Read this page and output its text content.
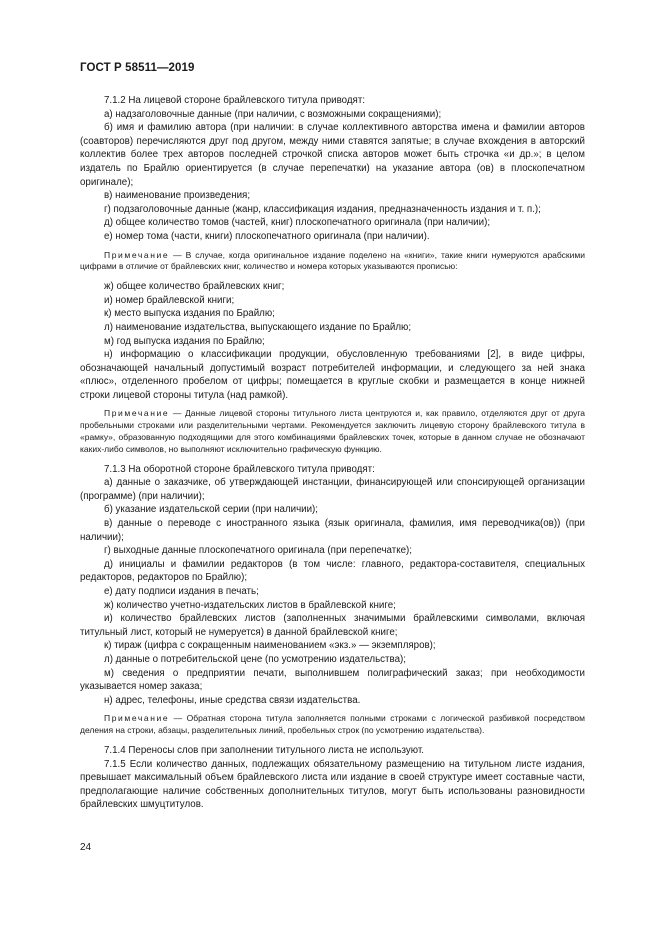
ГОСТ Р 58511—2019

7.1.2 На лицевой стороне брайлевского титула приводят:

а) надзаголовочные данные (при наличии, с возможными сокращениями);

б) имя и фамилию автора (при наличии: в случае коллективного авторства имена и фамилии авторов (соавторов) перечисляются друг под другом, между ними ставятся запятые; в случае вхождения в авторский коллектив более трех авторов последней строчкой списка авторов может быть строчка «и др.»; в целом издатель по Брайлю ориентируется (в случае перепечатки) на указание автора (ов) в плоскопечатном оригинале);

в) наименование произведения;

г) подзаголовочные данные (жанр, классификация издания, предназначенность издания и т. п.);

д) общее количество томов (частей, книг) плоскопечатного оригинала (при наличии);

е) номер тома (части, книги) плоскопечатного оригинала (при наличии).

Примечание — В случае, когда оригинальное издание поделено на «книги», такие книги нумеруются арабскими цифрами в отличие от брайлевских книг, количество и номера которых указываются прописью:

ж) общее количество брайлевских книг;

и) номер брайлевской книги;

к) место выпуска издания по Брайлю;

л) наименование издательства, выпускающего издание по Брайлю;

м) год выпуска издания по Брайлю;

н) информацию о классификации продукции, обусловленную требованиями [2], в виде цифры, обозначающей начальный допустимый возраст потребителей информации, и следующего за ней знака «плюс», отделенного пробелом от цифры; помещается в круглые скобки и размещается в конце нижней строки лицевой стороны титула (над рамкой).

Примечание — Данные лицевой стороны титульного листа центруются и, как правило, отделяются друг от друга пробельными строками или разделительными чертами. Рекомендуется заключить лицевую сторону брайлевского титула в «рамку», образованную подходящими для этого комбинациями брайлевских точек, которые в данном случае не обозначают каких-либо символов, но выполняют исключительно графическую функцию.

7.1.3 На оборотной стороне брайлевского титула приводят:

а) данные о заказчике, об утверждающей инстанции, финансирующей или спонсирующей организации (программе) (при наличии);

б) указание издательской серии (при наличии);

в) данные о переводе с иностранного языка (язык оригинала, фамилия, имя переводчика(ов)) (при наличии);

г) выходные данные плоскопечатного оригинала (при перепечатке);

д) инициалы и фамилии редакторов (в том числе: главного, редактора-составителя, специальных редакторов, редакторов по Брайлю);

е) дату подписи издания в печать;

ж) количество учетно-издательских листов в брайлевской книге;

и) количество брайлевских листов (заполненных значимыми брайлевскими символами, включая титульный лист, который не нумеруется) в данной брайлевской книге;

к) тираж (цифра с сокращенным наименованием «экз.» — экземпляров);

л) данные о потребительской цене (по усмотрению издательства);

м) сведения о предприятии печати, выполнившем полиграфический заказ; при необходимости указывается номер заказа;

н) адрес, телефоны, иные средства связи издательства.

Примечание — Обратная сторона титула заполняется полными строками с логической разбивкой посредством деления на строки, абзацы, разделительных линий, пробельных строк (по усмотрению издательства).

7.1.4 Переносы слов при заполнении титульного листа не используют.

7.1.5 Если количество данных, подлежащих обязательному размещению на титульном листе издания, превышает максимальный объем брайлевского листа или издание в своей структуре имеет составные части, предполагающие наличие собственных дополнительных титулов, могут быть использованы разновидности брайлевских шмуцтитулов.

24
